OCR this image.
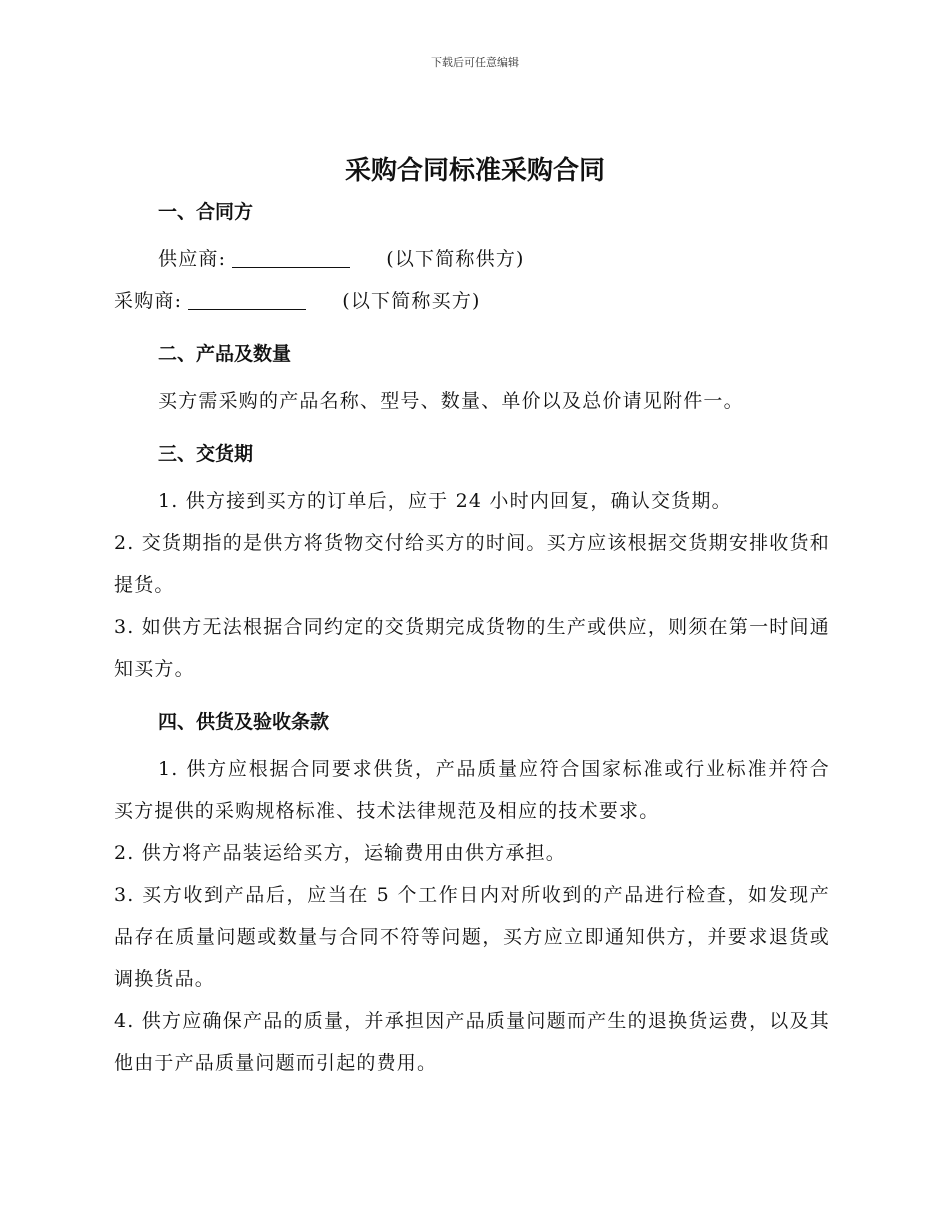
下载后可任意编辑
采购合同标准采购合同

一、合同方

供应商:	(以下简称供方)

采购商:	(以下简称买方)

二、产品及数量

买方需采购的产品名称、型号、数量、单价以及总价请见附件一。

三、交货期

1. 供方接到买方的订单后，应于 24 小时内回复，确认交货期。

2. 交货期指的是供方将货物交付给买方的时间。买方应该根据交货期安排收货和提货。

3. 如供方无法根据合同约定的交货期完成货物的生产或供应，则须在第一时间通知买方。

四、供货及验收条款

1. 供方应根据合同要求供货，产品质量应符合国家标准或行业标准并符合买方提供的采购规格标准、技术法律规范及相应的技术要求。

2. 供方将产品装运给买方，运输费用由供方承担。

3. 买方收到产品后，应当在 5 个工作日内对所收到的产品进行检查，如发现产品存在质量问题或数量与合同不符等问题，买方应立即通知供方，并要求退货或调换货品。

4. 供方应确保产品的质量，并承担因产品质量问题而产生的退换货运费，以及其他由于产品质量问题而引起的费用。
